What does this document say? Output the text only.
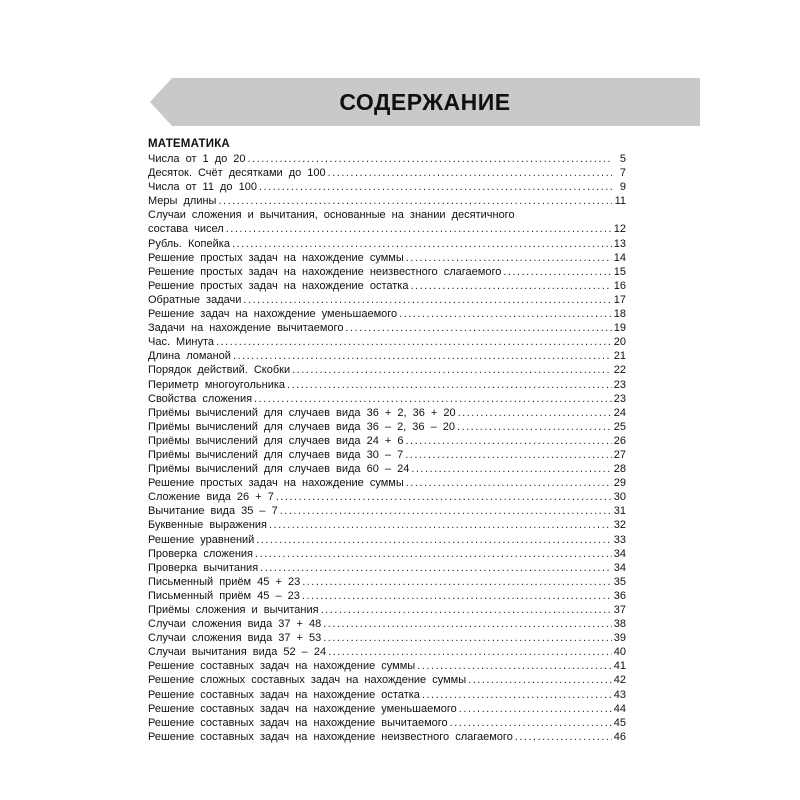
СОДЕРЖАНИЕ
МАТЕМАТИКА
Числа от 1 до 20 .....	5
Десяток. Счёт десятками до 100 .....	7
Числа от 11 до 100 .....	9
Меры длины .....	11
Случаи сложения и вычитания, основанные на знании десятичного
состава чисел .....	12
Рубль. Копейка .....	13
Решение простых задач на нахождение суммы .....	14
Решение простых задач на нахождение неизвестного слагаемого .....	15
Решение простых задач на нахождение остатка .....	16
Обратные задачи .....	17
Решение задач на нахождение уменьшаемого .....	18
Задачи на нахождение вычитаемого .....	19
Час. Минута .....	20
Длина ломаной .....	21
Порядок действий. Скобки .....	22
Периметр многоугольника .....	23
Свойства сложения .....	23
Приёмы вычислений для случаев вида 36 + 2, 36 + 20 .....	24
Приёмы вычислений для случаев вида 36 – 2, 36 – 20 .....	25
Приёмы вычислений для случаев вида 24 + 6 .....	26
Приёмы вычислений для случаев вида 30 – 7 .....	27
Приёмы вычислений для случаев вида 60 – 24 .....	28
Решение простых задач на нахождение суммы .....	29
Сложение вида 26 + 7 .....	30
Вычитание вида 35 – 7 .....	31
Буквенные выражения .....	32
Решение уравнений .....	33
Проверка сложения .....	34
Проверка вычитания .....	34
Письменный приём 45 + 23 .....	35
Письменный приём 45 – 23 .....	36
Приёмы сложения и вычитания .....	37
Случаи сложения вида 37 + 48 .....	38
Случаи сложения вида 37 + 53 .....	39
Случаи вычитания вида 52 – 24 .....	40
Решение составных задач на нахождение суммы .....	41
Решение сложных составных задач на нахождение суммы .....	42
Решение составных задач на нахождение остатка .....	43
Решение составных задач на нахождение уменьшаемого .....	44
Решение составных задач на нахождение вычитаемого .....	45
Решение составных задач на нахождение неизвестного слагаемого .....	46
